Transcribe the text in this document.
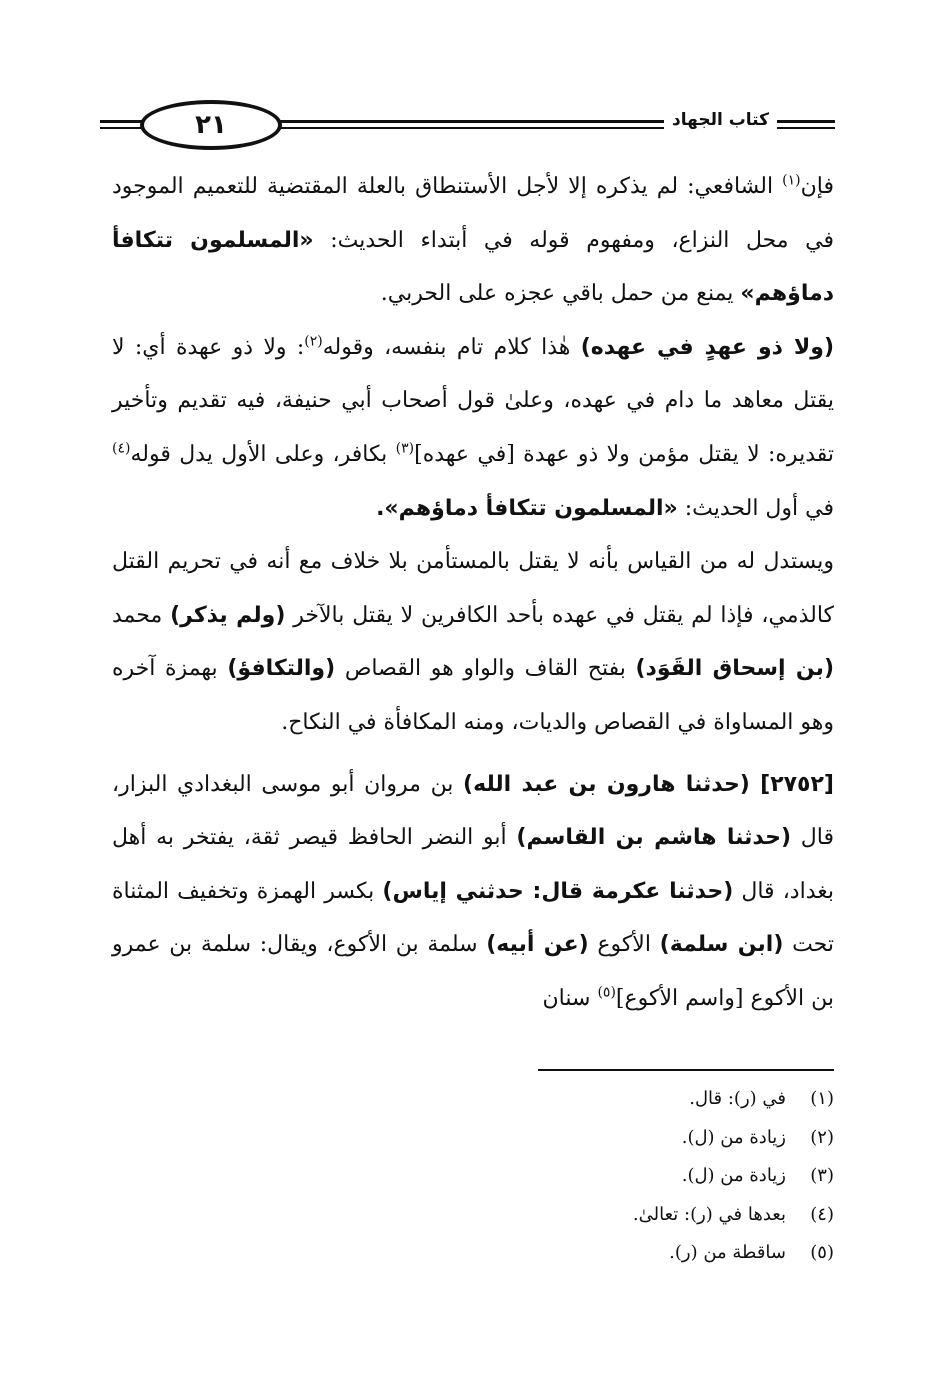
٢١	كتاب الجهاد

فإن$^{(١)}$ الشافعي: لم يذكره إلا لأجل الأستنطاق بالعلة المقتضية للتعميم الموجود في محل النزاع، ومفهوم قوله في أبتداء الحديث: «المسلمون تتكافأ دماؤهم» يمنع من حمل باقي عجزه على الحربي.

(ولا ذو عهدٍ في عهده) هٰذا كلام تام بنفسه، وقوله$^{(٢)}$: ولا ذو عهدة أي: لا يقتل معاهد ما دام في عهده، وعلىٰ قول أصحاب أبي حنيفة، فيه تقديم وتأخير تقديره: لا يقتل مؤمن ولا ذو عهدة [في عهده]$^{(٣)}$ بكافر، وعلى الأول يدل قوله$^{(٤)}$ في أول الحديث: «المسلمون تتكافأ دماؤهم».

ويستدل له من القياس بأنه لا يقتل بالمستأمن بلا خلاف مع أنه في تحريم القتل كالذمي، فإذا لم يقتل في عهده بأحد الكافرين لا يقتل بالآخر (ولم يذكر) محمد (بن إسحاق القَوَد) بفتح القاف والواو هو القصاص (والتكافؤ) بهمزة آخره وهو المساواة في القصاص والديات، ومنه المكافأة في النكاح.

[٢٧٥٢] (حدثنا هارون بن عبد الله) بن مروان أبو موسى البغدادي البزار، قال (حدثنا هاشم بن القاسم) أبو النضر الحافظ قيصر ثقة، يفتخر به أهل بغداد، قال (حدثنا عكرمة قال: حدثني إياس) بكسر الهمزة وتخفيف المثناة تحت (ابن سلمة) الأكوع (عن أبيه) سلمة بن الأكوع، ويقال: سلمة بن عمرو بن الأكوع [واسم الأكوع]$^{(٥)}$ سنان

(١)
في (ر): قال.
(٢)
زيادة من (ل).
(٣)
زيادة من (ل).
(٤)
بعدها في (ر): تعالىٰ.
(٥)
ساقطة من (ر).
